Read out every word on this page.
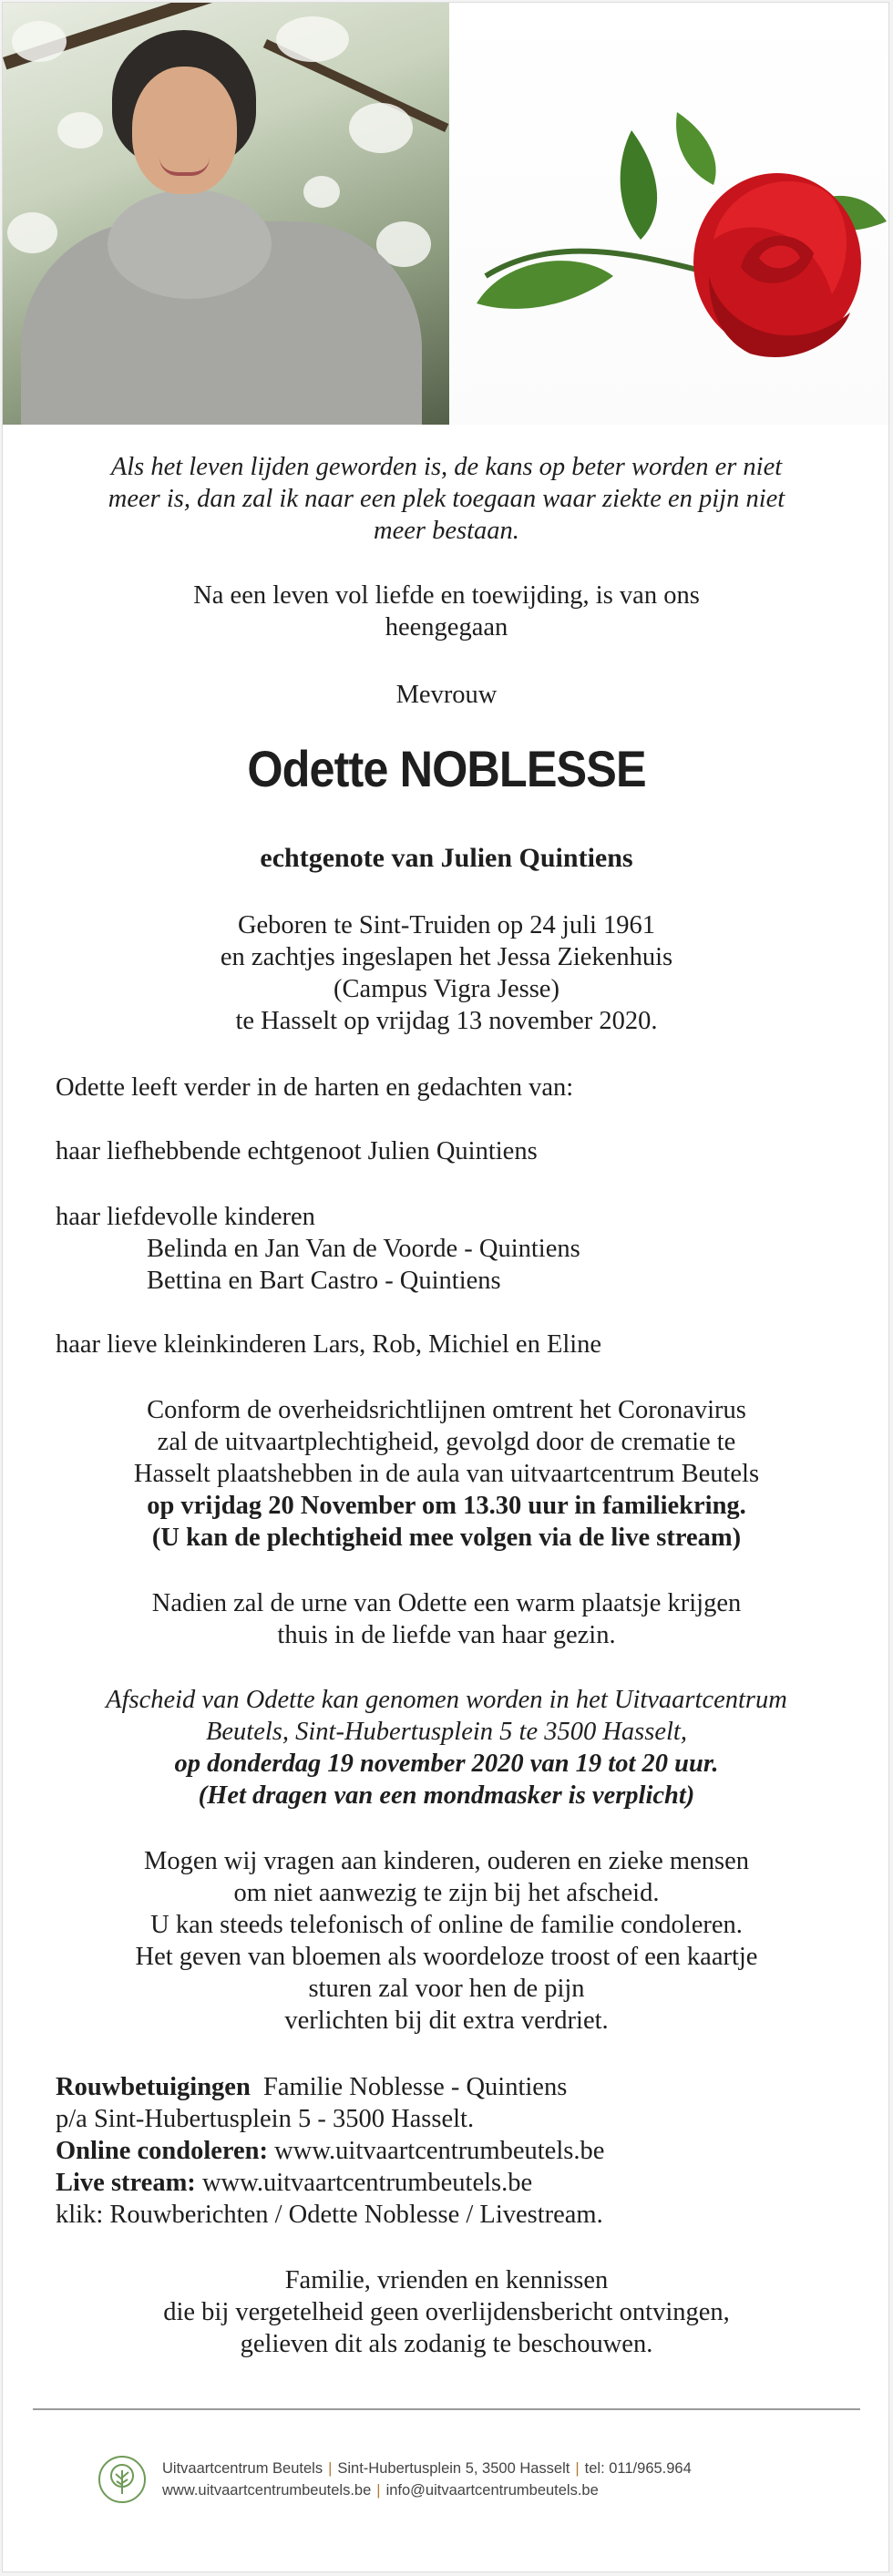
Als het leven lijden geworden is, de kans op beter worden er niet
meer is, dan zal ik naar een plek toegaan waar ziekte en pijn niet
meer bestaan.
Na een leven vol liefde en toewijding, is van ons
heengegaan
Mevrouw
Odette NOBLESSE
echtgenote van Julien Quintiens
Geboren te Sint-Truiden op 24 juli 1961
en zachtjes ingeslapen het Jessa Ziekenhuis
(Campus Vigra Jesse)
te Hasselt op vrijdag 13 november 2020.
Odette leeft verder in de harten en gedachten van:
haar liefhebbende echtgenoot Julien Quintiens
haar liefdevolle kinderen
Belinda en Jan Van de Voorde - Quintiens
Bettina en Bart Castro - Quintiens
haar lieve kleinkinderen Lars, Rob, Michiel en Eline
Conform de overheidsrichtlijnen omtrent het Coronavirus
zal de uitvaartplechtigheid, gevolgd door de crematie te
Hasselt plaatshebben in de aula van uitvaartcentrum Beutels
op vrijdag 20 November om 13.30 uur in familiekring.
(U kan de plechtigheid mee volgen via de live stream)
Nadien zal de urne van Odette een warm plaatsje krijgen
thuis in de liefde van haar gezin.
Afscheid van Odette kan genomen worden in het Uitvaartcentrum
Beutels, Sint-Hubertusplein 5 te 3500 Hasselt,
op donderdag 19 november 2020 van 19 tot 20 uur.
(Het dragen van een mondmasker is verplicht)
Mogen wij vragen aan kinderen, ouderen en zieke mensen
om niet aanwezig te zijn bij het afscheid.
U kan steeds telefonisch of online de familie condoleren.
Het geven van bloemen als woordeloze troost of een kaartje
sturen zal voor hen de pijn
verlichten bij dit extra verdriet.
Rouwbetuigingen Familie Noblesse - Quintiens
p/a Sint-Hubertusplein 5 - 3500 Hasselt.
Online condoleren: www.uitvaartcentrumbeutels.be
Live stream: www.uitvaartcentrumbeutels.be
klik: Rouwberichten / Odette Noblesse / Livestream.
Familie, vrienden en kennissen
die bij vergetelheid geen overlijdensbericht ontvingen,
gelieven dit als zodanig te beschouwen.
Uitvaartcentrum Beutels | Sint-Hubertusplein 5, 3500 Hasselt | tel: 011/965.964
www.uitvaartcentrumbeutels.be | info@uitvaartcentrumbeutels.be
